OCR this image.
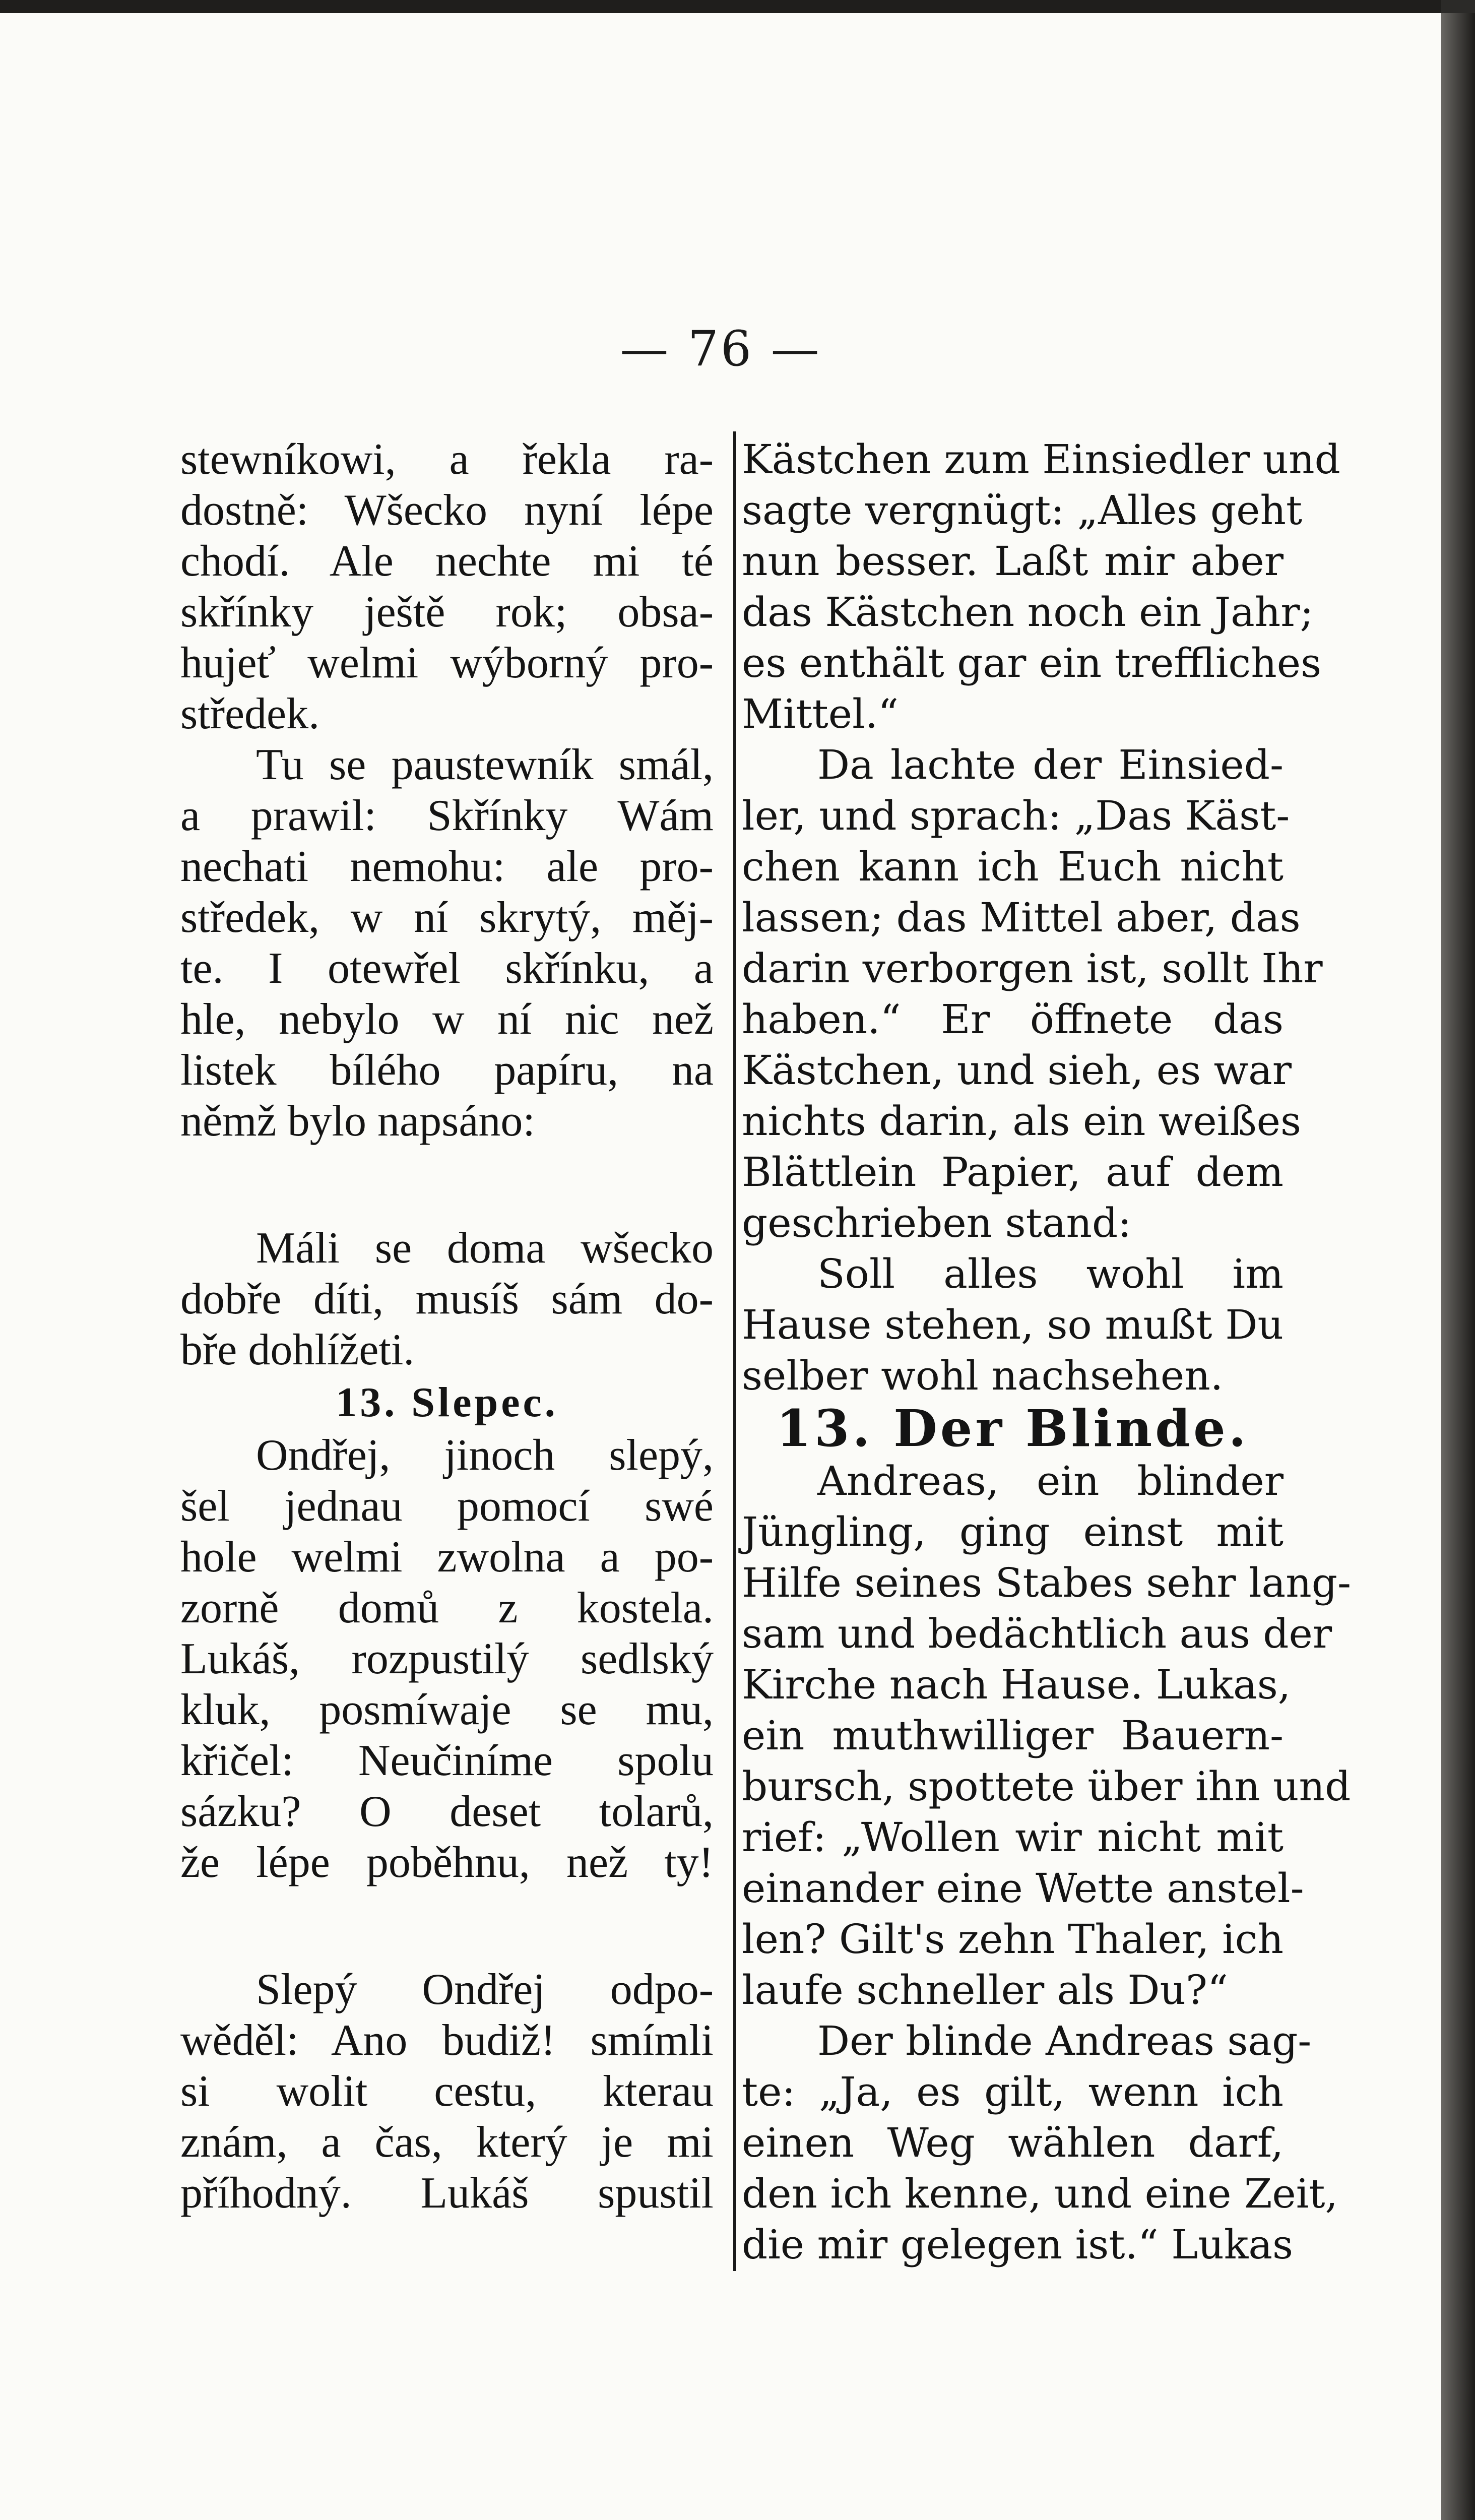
— 76 —
stewníkowi, a řekla ra-
dostně: Wšecko nyní lépe
chodí. Ale nechte mi té
skřínky ještě rok; obsa-
hujeť welmi wýborný pro-
středek.
Tu se paustewník smál,
a prawil: Skřínky Wám
nechati nemohu: ale pro-
středek, w ní skrytý, měj-
te. I otewřel skřínku, a
hle, nebylo w ní nic než
listek bílého papíru, na
němž bylo napsáno:
Máli se doma wšecko
dobře díti, musíš sám do-
bře dohlížeti.
13. Slepec.
Ondřej, jinoch slepý,
šel jednau pomocí swé
hole welmi zwolna a po-
zorně domů z kostela.
Lukáš, rozpustilý sedlský
kluk, posmíwaje se mu,
křičel: Neučiníme spolu
sázku? O deset tolarů,
že lépe poběhnu, než ty!
Slepý Ondřej odpo-
wěděl: Ano budiž! smímli
si wolit cestu, kterau
znám, a čas, který je mi
příhodný. Lukáš spustil
Kästchen zum Einsiedler und
sagte vergnügt: „Alles geht
nun besser. Laßt mir aber
das Kästchen noch ein Jahr;
es enthält gar ein treffliches
Mittel.“
Da lachte der Einsied-
ler, und sprach: „Das Käst-
chen kann ich Euch nicht
lassen; das Mittel aber, das
darin verborgen ist, sollt Ihr
haben.“ Er öffnete das
Kästchen, und sieh, es war
nichts darin, als ein weißes
Blättlein Papier, auf dem
geschrieben stand:
Soll alles wohl im
Hause stehen, so mußt Du
selber wohl nachsehen.
13. Der Blinde.
Andreas, ein blinder
Jüngling, ging einst mit
Hilfe seines Stabes sehr lang-
sam und bedächtlich aus der
Kirche nach Hause. Lukas,
ein muthwilliger Bauern-
bursch, spottete über ihn und
rief: „Wollen wir nicht mit
einander eine Wette anstel-
len? Gilt's zehn Thaler, ich
laufe schneller als Du?“
Der blinde Andreas sag-
te: „Ja, es gilt, wenn ich
einen Weg wählen darf,
den ich kenne, und eine Zeit,
die mir gelegen ist.“ Lukas
